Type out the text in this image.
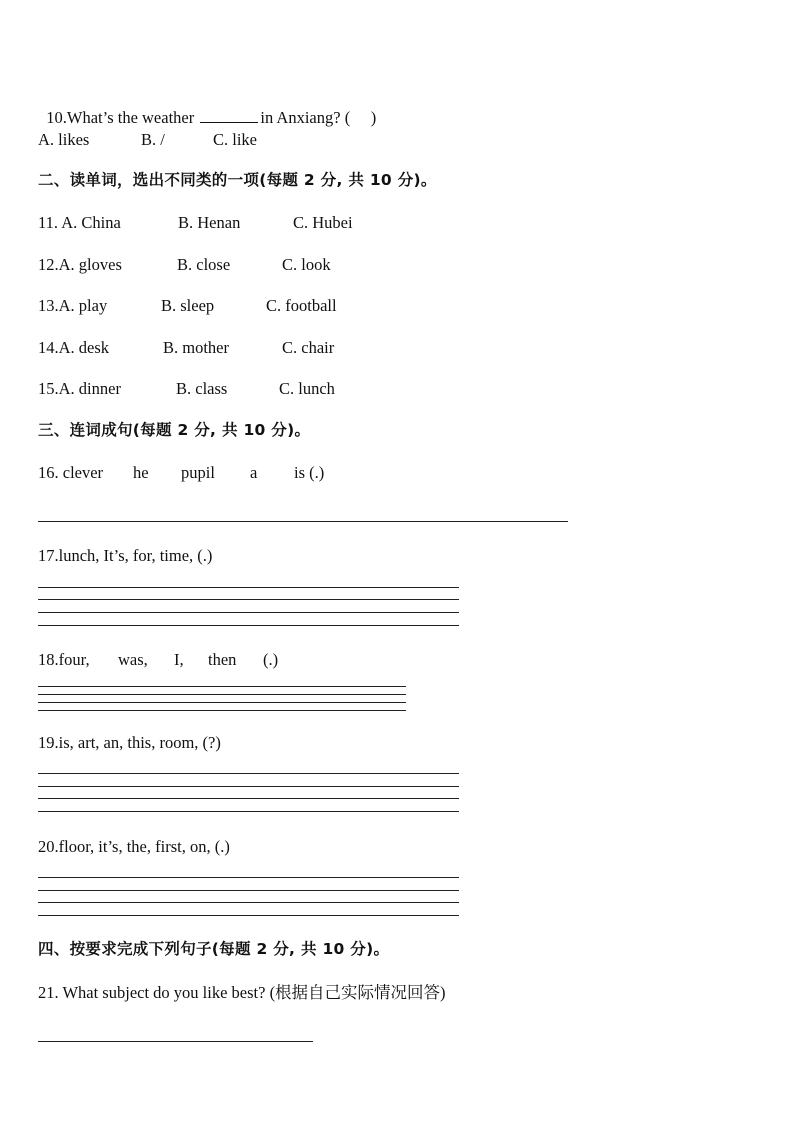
10.What’s the weather	in Anxiang? (     )

A. likes

	B. /

	C. like

二、读单词，选出不同类的一项(每题 2 分, 共 10 分)。

11. A. China

	B. Henan

	C. Hubei

12.A. gloves

	B. close

	C. look

13.A. play

	B. sleep

	C. football

14.A. desk

	B. mother

	C. chair

15.A. dinner

	B. class

	C. lunch

三、连词成句(每题 2 分, 共 10 分)。

16. clever

he

pupil

a

is (.)

17.lunch, It’s, for, time, (.)

18.four,

was,

I,

then

(.)

19.is, art, an, this, room, (?)
20.floor, it’s, the, first, on, (.)
四、按要求完成下列句子(每题 2 分, 共 10 分)。
21. What subject do you like best? (根据自己实际情况回答)
